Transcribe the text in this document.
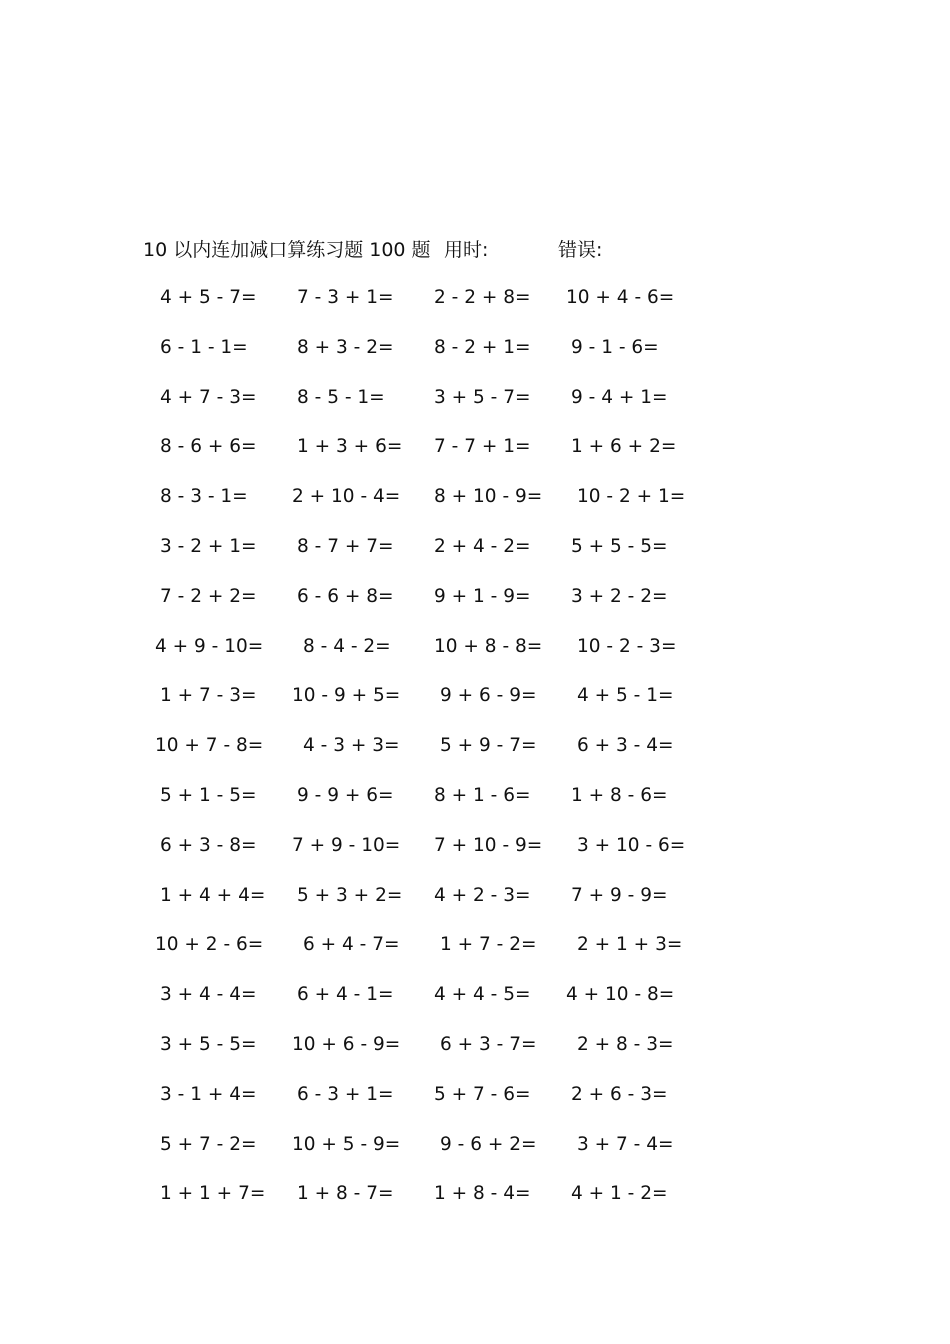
10 以内连加减口算练习题 100 题 用时:	错误:
4 + 5 - 7= 7 - 3 + 1= 2 - 2 + 8= 10 + 4 - 6=
6 - 1 - 1=	8 + 3 - 2= 8 - 2 + 1= 9 - 1 - 6=
4 + 7 - 3= 8 - 5 - 1=	3 + 5 - 7= 9 - 4 + 1=
8 - 6 + 6= 1 + 3 + 6= 7 - 7 + 1= 1 + 6 + 2=
8 - 3 - 1= 2 + 10 - 4= 8 + 10 - 9= 10 - 2 + 1=
3 - 2 + 1= 8 - 7 + 7= 2 + 4 - 2= 5 + 5 - 5=
7 - 2 + 2= 6 - 6 + 8= 9 + 1 - 9= 3 + 2 - 2=
4 + 9 - 10= 8 - 4 - 2= 10 + 8 - 8= 10 - 2 - 3=
1 + 7 - 3= 10 - 9 + 5= 9 + 6 - 9= 4 + 5 - 1=
10 + 7 - 8= 4 - 3 + 3= 5 + 9 - 7= 6 + 3 - 4=
5 + 1 - 5= 9 - 9 + 6= 8 + 1 - 6= 1 + 8 - 6=
6 + 3 - 8= 7 + 9 - 10= 7 + 10 - 9= 3 + 10 - 6=
1 + 4 + 4= 5 + 3 + 2= 4 + 2 - 3= 7 + 9 - 9=
10 + 2 - 6= 6 + 4 - 7= 1 + 7 - 2= 2 + 1 + 3=
3 + 4 - 4= 6 + 4 - 1= 4 + 4 - 5= 4 + 10 - 8=
3 + 5 - 5= 10 + 6 - 9= 6 + 3 - 7= 2 + 8 - 3=
3 - 1 + 4= 6 - 3 + 1= 5 + 7 - 6= 2 + 6 - 3=
5 + 7 - 2= 10 + 5 - 9= 9 - 6 + 2= 3 + 7 - 4=
1 + 1 + 7= 1 + 8 - 7= 1 + 8 - 4= 4 + 1 - 2=
